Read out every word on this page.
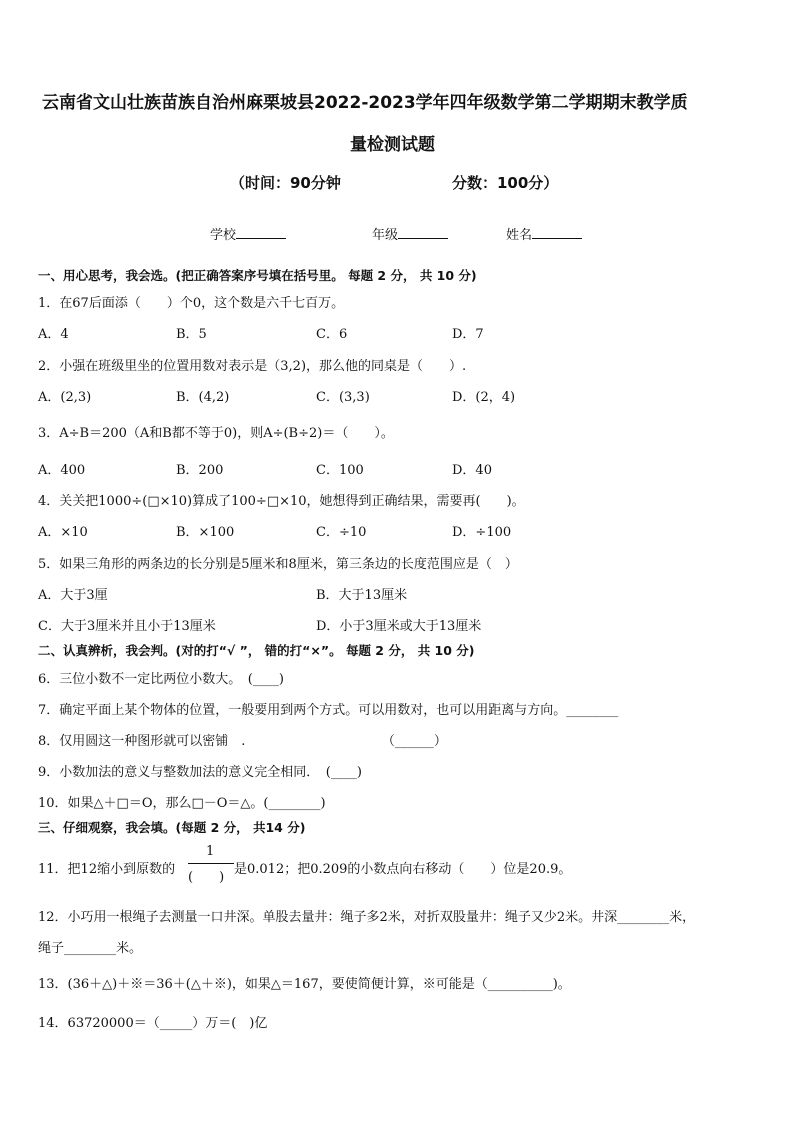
云南省文山壮族苗族自治州麻栗坡县2022-2023学年四年级数学第二学期期末教学质
量检测试题
（时间：90分钟	分数：100分）
学校	年级	姓名
一、用心思考，我会选。(把正确答案序号填在括号里。 每题 2 分， 共 10 分)
1．在67后面添（　　）个0，这个数是六千七百万。
A．4	B．5	C．6	D．7
2．小强在班级里坐的位置用数对表示是（3,2)，那么他的同桌是（　　）.
A．(2,3)	B．(4,2)	C．(3,3)	D．(2，4)
3．A÷B＝200（A和B都不等于0)，则A÷(B÷2)＝（　　）。
A．400	B．200	C．100	D．40
4．关关把1000÷(□×10)算成了100÷□×10，她想得到正确结果，需要再(　　)。
A．×10	B．×100	C．÷10	D．÷100
5．如果三角形的两条边的长分别是5厘米和8厘米，第三条边的长度范围应是（　）
A．大于3厘	B．大于13厘米
C．大于3厘米并且小于13厘米	D．小于3厘米或大于13厘米
二、认真辨析，我会判。(对的打“√ ”， 错的打“×”。 每题 2 分， 共 10 分)
6．三位小数不一定比两位小数大。　(____)
7．确定平面上某个物体的位置，一般要用到两个方式。可以用数对，也可以用距离与方向。________
8．仅用圆这一种图形就可以密铺　.　　　　　　　　　　　（______）
9．小数加法的意义与整数加法的意义完全相同．　(____)
10．如果△＋□＝O，那么□－O＝△。(________)
三、仔细观察，我会填。(每题 2 分， 共14 分)
11．把12缩小到原数的
1
(　　)
是0.012；把0.209的小数点向右移动（　　）位是20.9。
12．小巧用一根绳子去测量一口井深。单股去量井：绳子多2米，对折双股量井：绳子又少2米。井深________米，
绳子________米。
13．(36＋△)＋※＝36＋(△＋※)，如果△＝167，要使简便计算，※可能是（__________)。
14．63720000＝（_____）万＝(　)亿
